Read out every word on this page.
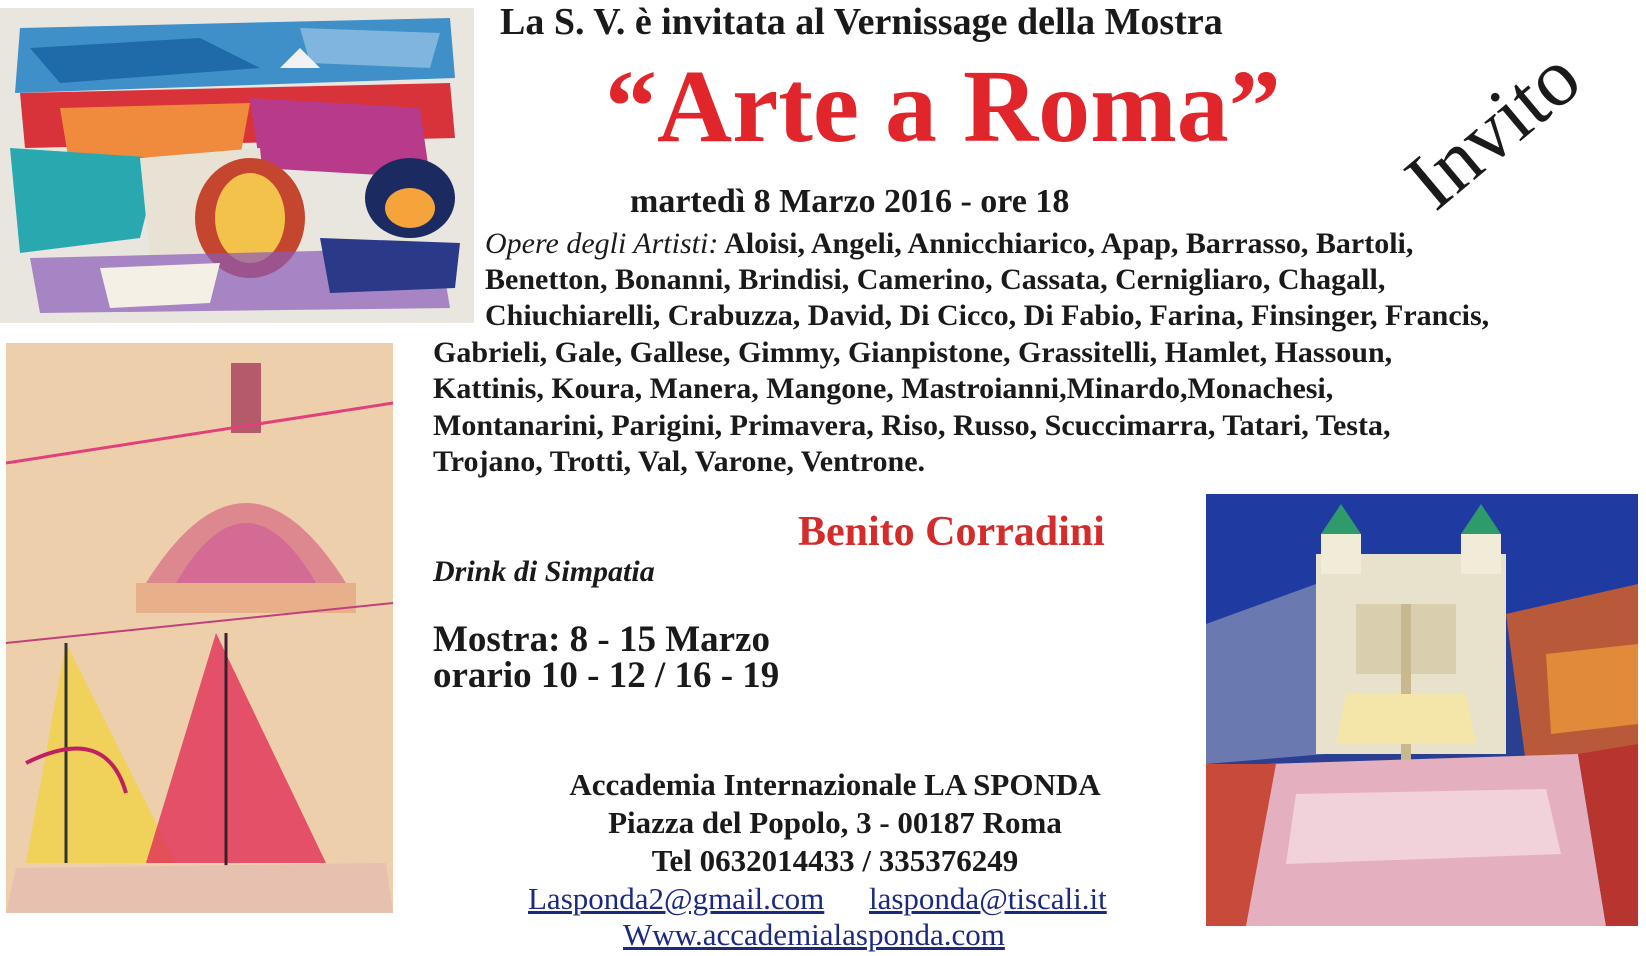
La S. V. è invitata al Vernissage della Mostra
“Arte a Roma” Invito
martedì 8 Marzo 2016 - ore 18
Opere degli Artisti: Aloisi, Angeli, Annicchiarico, Apap, Barrasso, Bartoli,
Benetton, Bonanni, Brindisi, Camerino, Cassata, Cernigliaro, Chagall,
Chiuchiarelli, Crabuzza, David, Di Cicco, Di Fabio, Farina, Finsinger, Francis,
Gabrieli, Gale, Gallese, Gimmy, Gianpistone, Grassitelli, Hamlet, Hassoun,
Kattinis, Koura, Manera, Mangone, Mastroianni,Minardo,Monachesi,
Montanarini, Parigini, Primavera, Riso, Russo, Scuccimarra, Tatari, Testa,
Trojano, Trotti, Val, Varone, Ventrone.
Benito Corradini
Drink di Simpatia
Mostra: 8 - 15 Marzo
orario 10 - 12 / 16 - 19
Accademia Internazionale LA SPONDA
Piazza del Popolo, 3 - 00187 Roma
Tel 0632014433 / 335376249
Lasponda2@gmail.com lasponda@tiscali.it
Www.accademialasponda.com
